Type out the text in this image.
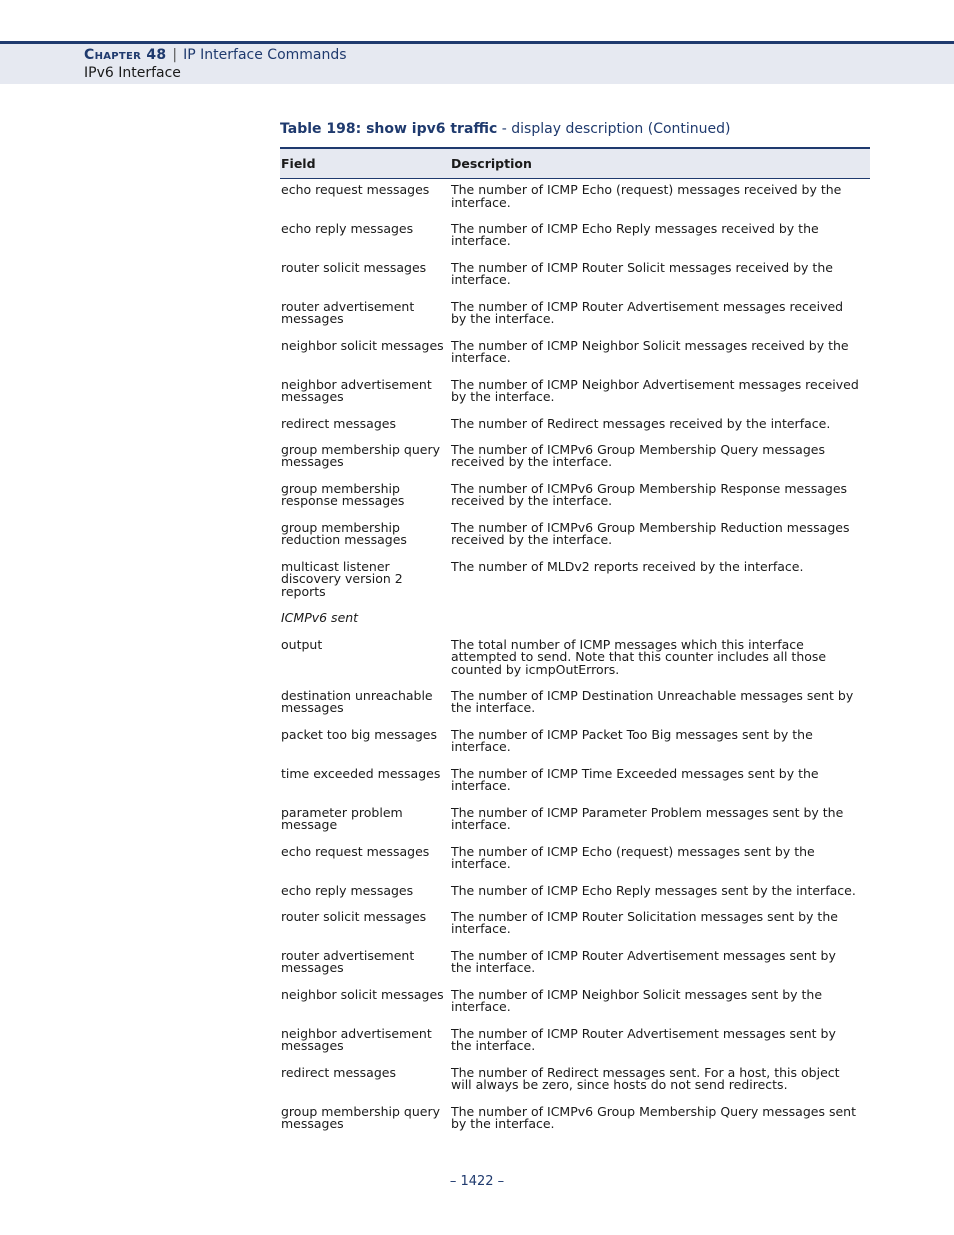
Chapter 48 | IP Interface Commands
IPv6 Interface
Table 198: show ipv6 traffic - display description (Continued)
Field	Description
echo request messages	The number of ICMP Echo (request) messages received by the interface.
echo reply messages	The number of ICMP Echo Reply messages received by the interface.
router solicit messages	The number of ICMP Router Solicit messages received by the interface.
router advertisement messages	The number of ICMP Router Advertisement messages received by the interface.
neighbor solicit messages	The number of ICMP Neighbor Solicit messages received by the interface.
neighbor advertisement messages	The number of ICMP Neighbor Advertisement messages received by the interface.
redirect messages	The number of Redirect messages received by the interface.
group membership query messages	The number of ICMPv6 Group Membership Query messages received by the interface.
group membership response messages	The number of ICMPv6 Group Membership Response messages received by the interface.
group membership reduction messages	The number of ICMPv6 Group Membership Reduction messages received by the interface.
multicast listener discovery version 2 reports	The number of MLDv2 reports received by the interface.
ICMPv6 sent	
output	The total number of ICMP messages which this interface attempted to send. Note that this counter includes all those counted by icmpOutErrors.
destination unreachable messages	The number of ICMP Destination Unreachable messages sent by the interface.
packet too big messages	The number of ICMP Packet Too Big messages sent by the interface.
time exceeded messages	The number of ICMP Time Exceeded messages sent by the interface.
parameter problem message	The number of ICMP Parameter Problem messages sent by the interface.
echo request messages	The number of ICMP Echo (request) messages sent by the interface.
echo reply messages	The number of ICMP Echo Reply messages sent by the interface.
router solicit messages	The number of ICMP Router Solicitation messages sent by the interface.
router advertisement messages	The number of ICMP Router Advertisement messages sent by the interface.
neighbor solicit messages	The number of ICMP Neighbor Solicit messages sent by the interface.
neighbor advertisement messages	The number of ICMP Router Advertisement messages sent by the interface.
redirect messages	The number of Redirect messages sent. For a host, this object will always be zero, since hosts do not send redirects.
group membership query messages	The number of ICMPv6 Group Membership Query messages sent by the interface.
– 1422 –
